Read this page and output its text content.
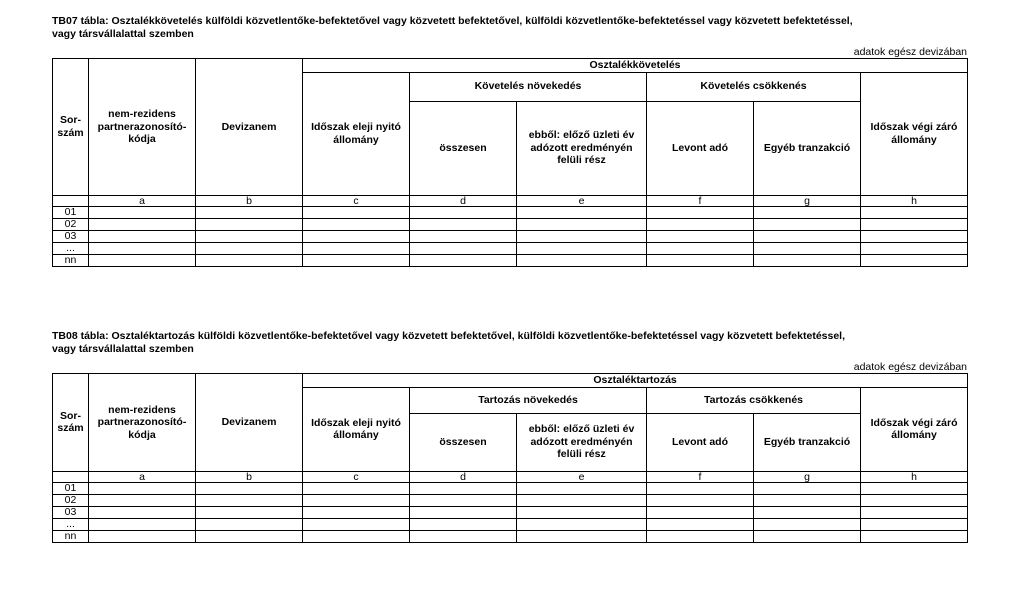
TB07 tábla: Osztalékkövetelés külföldi közvetlentőke-befektetővel vagy közvetett befektetővel, külföldi közvetlentőke-befektetéssel vagy közvetett befektetéssel,

vagy társvállalattal szemben

adatok egész devizában
Sor-szám	nem-rezidens partnerazonosító-kódja	Devizanem	Osztalékkövetelés					
			Időszak eleji nyitó állomány	Követelés növekedés		Követelés csökkenés		Időszak végi záró állomány
				összesen	ebből: előző üzleti év adózott eredményén felüli rész	Levont adó	Egyéb tranzakció	
	a	b	c	d	e	f	g	h
01								
02								
03								
...								
nn								

TB08 tábla: Osztaléktartozás külföldi közvetlentőke-befektetővel vagy közvetett befektetővel, külföldi közvetlentőke-befektetéssel vagy közvetett befektetéssel,

vagy társvállalattal szemben

adatok egész devizában
Sor-szám	nem-rezidens partnerazonosító-kódja	Devizanem	Osztaléktartozás					
			Időszak eleji nyitó állomány	Tartozás növekedés		Tartozás csökkenés		Időszak végi záró állomány
				összesen	ebből: előző üzleti év adózott eredményén felüli rész	Levont adó	Egyéb tranzakció	
	a	b	c	d	e	f	g	h
01								
02								
03								
...								
nn								
